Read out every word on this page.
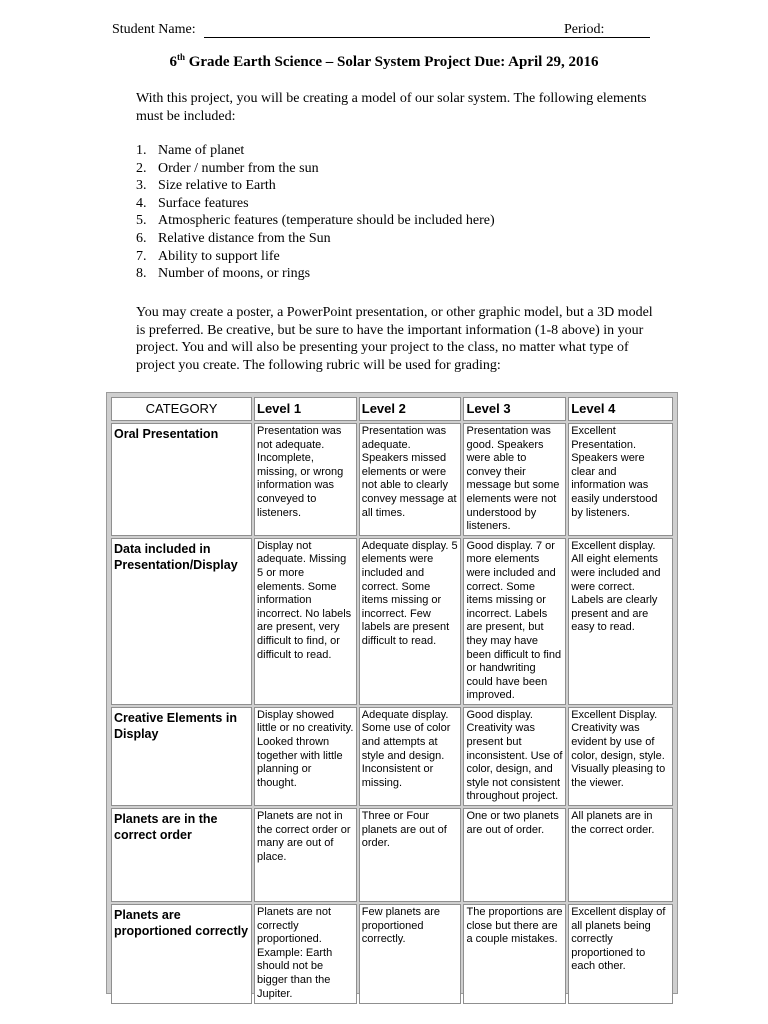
Student Name:	Period:
6th Grade Earth Science – Solar System Project Due: April 29, 2016
With this project, you will be creating a model of our solar system. The following elements must be included:
1. Name of planet
2. Order / number from the sun
3. Size relative to Earth
4. Surface features
5. Atmospheric features (temperature should be included here)
6. Relative distance from the Sun
7. Ability to support life
8. Number of moons, or rings
You may create a poster, a PowerPoint presentation, or other graphic model, but a 3D model is preferred. Be creative, but be sure to have the important information (1-8 above) in your project. You and will also be presenting your project to the class, no matter what type of project you create. The following rubric will be used for grading:
CATEGORY	Level 1	Level 2	Level 3	Level 4
Oral Presentation	Presentation was not adequate. Incomplete, missing, or wrong information was conveyed to listeners.	Presentation was adequate. Speakers missed elements or were not able to clearly convey message at all times.	Presentation was good. Speakers were able to convey their message but some elements were not understood by listeners.	Excellent Presentation. Speakers were clear and information was easily understood by listeners.
Data included in Presentation/Display	Display not adequate. Missing 5 or more elements. Some information incorrect. No labels are present, very difficult to find, or difficult to read.	Adequate display. 5 elements were included and correct. Some items missing or incorrect. Few labels are present difficult to read.	Good display. 7 or more elements were included and correct. Some items missing or incorrect. Labels are present, but they may have been difficult to find or handwriting could have been improved.	Excellent display. All eight elements were included and were correct. Labels are clearly present and are easy to read.
Creative Elements in Display	Display showed little or no creativity. Looked thrown together with little planning or thought.	Adequate display. Some use of color and attempts at style and design. Inconsistent or missing.	Good display. Creativity was present but inconsistent. Use of color, design, and style not consistent throughout project.	Excellent Display. Creativity was evident by use of color, design, style. Visually pleasing to the viewer.
Planets are in the correct order	Planets are not in the correct order or many are out of place.	Three or Four planets are out of order.	One or two planets are out of order.	All planets are in the correct order.
Planets are proportioned correctly	Planets are not correctly proportioned. Example: Earth should not be bigger than the Jupiter.	Few planets are proportioned correctly.	The proportions are close but there are a couple mistakes.	Excellent display of all planets being correctly proportioned to each other.
